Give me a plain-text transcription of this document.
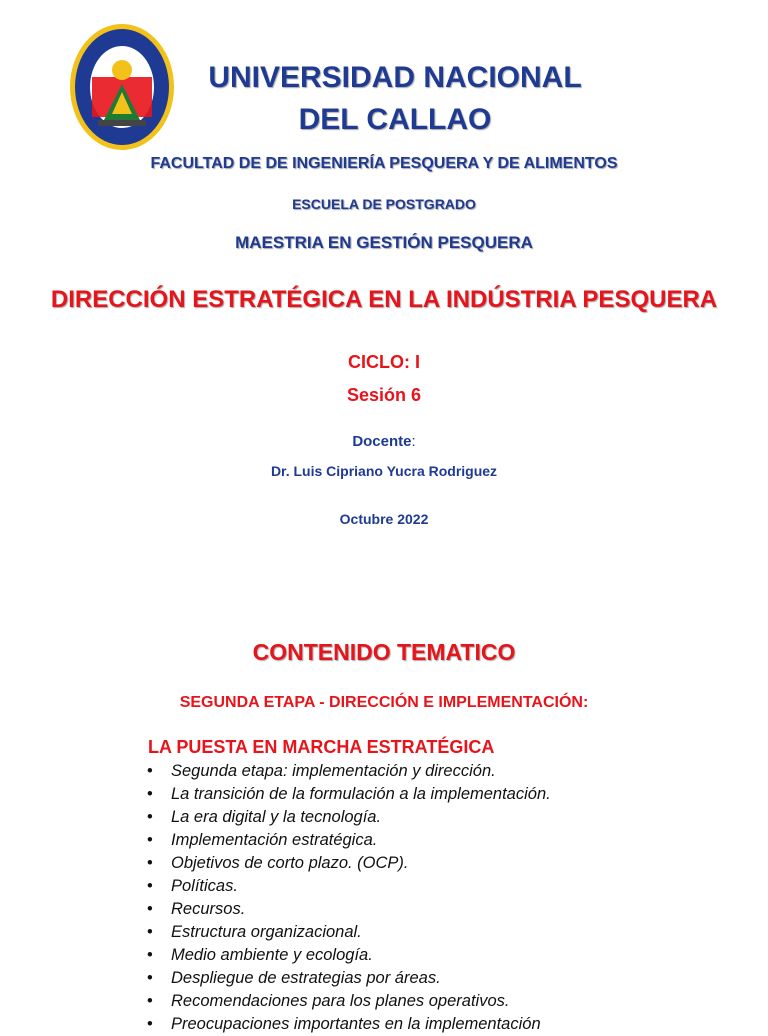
UNIVERSIDAD NACIONAL
DEL CALLAO
FACULTAD DE DE INGENIERÍA PESQUERA Y DE ALIMENTOS
ESCUELA DE POSTGRADO
MAESTRIA EN GESTIÓN PESQUERA
DIRECCIÓN ESTRATÉGICA EN LA INDÚSTRIA PESQUERA
CICLO: I
Sesión 6
Docente:
Dr. Luis Cipriano Yucra Rodriguez
Octubre 2022
CONTENIDO TEMATICO
SEGUNDA ETAPA - DIRECCIÓN E IMPLEMENTACIÓN:
LA PUESTA EN MARCHA ESTRATÉGICA
• Segunda etapa: implementación y dirección.
• La transición de la formulación a la implementación.
• La era digital y la tecnología.
• Implementación estratégica.
• Objetivos de corto plazo. (OCP).
• Políticas.
• Recursos.
• Estructura organizacional.
• Medio ambiente y ecología.
• Despliegue de estrategias por áreas.
• Recomendaciones para los planes operativos.
• Preocupaciones importantes en la implementación
